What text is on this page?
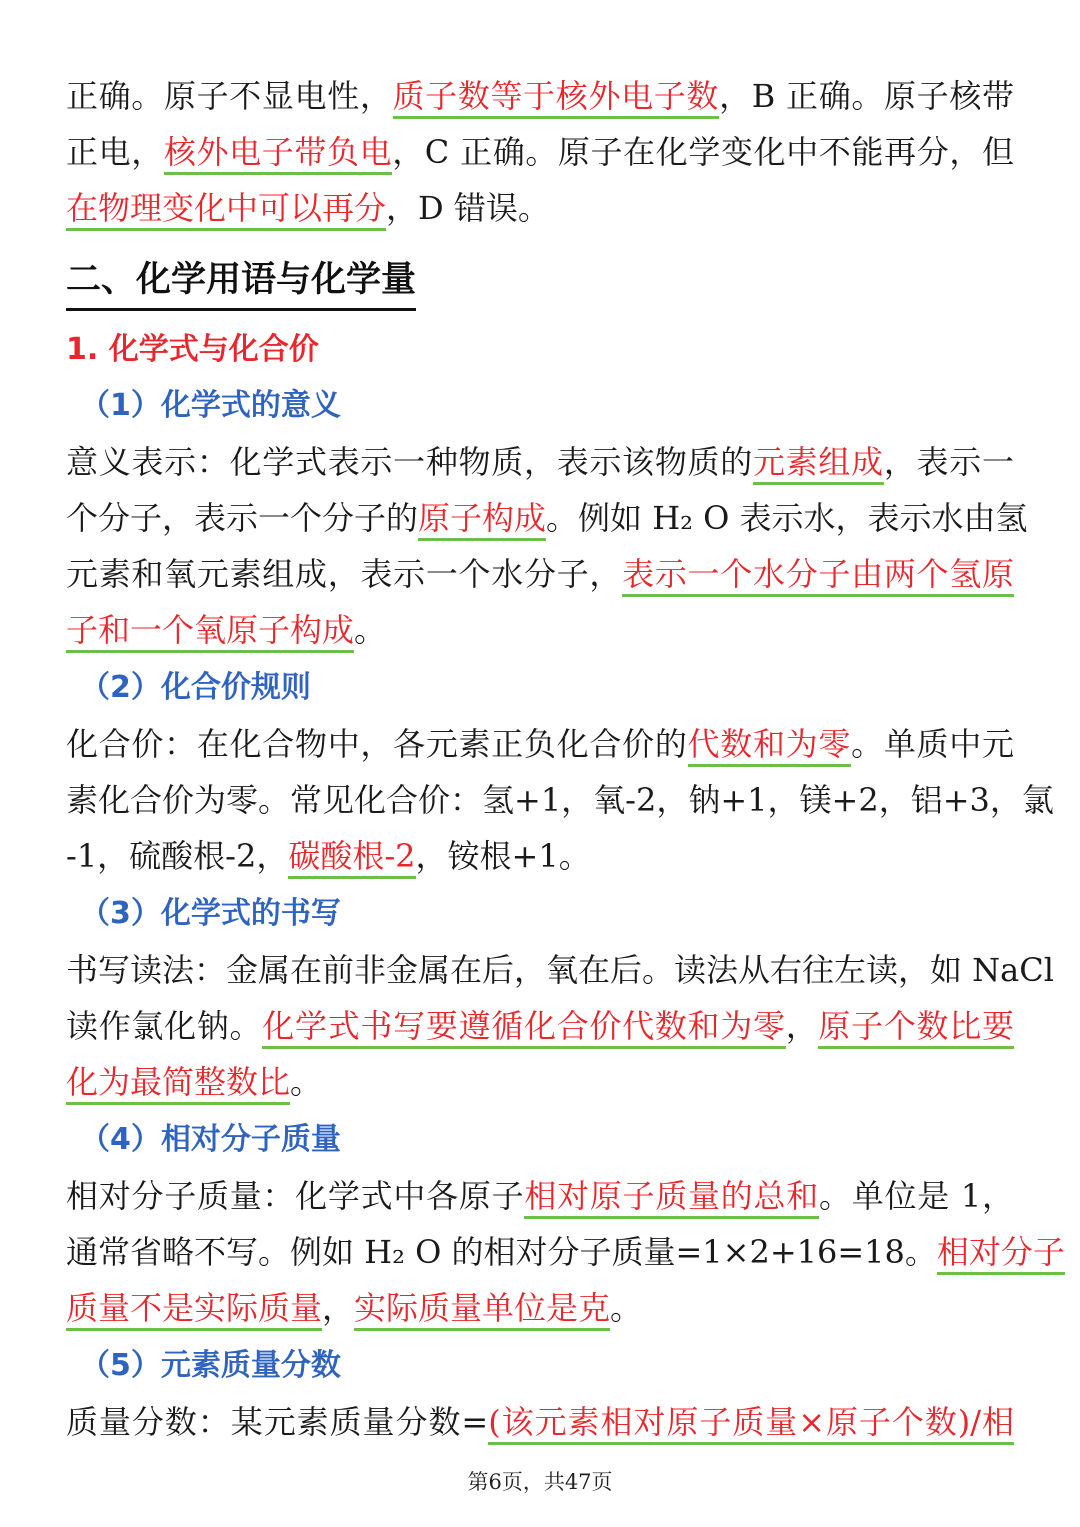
正确。原子不显电性，质子数等于核外电子数，B 正确。原子核带
正电，核外电子带负电，C 正确。原子在化学变化中不能再分，但
在物理变化中可以再分，D 错误。
二、化学用语与化学量
1. 化学式与化合价
（1）化学式的意义
意义表示：化学式表示一种物质，表示该物质的元素组成，表示一
个分子，表示一个分子的原子构成。例如 H₂ O 表示水，表示水由氢
元素和氧元素组成，表示一个水分子，表示一个水分子由两个氢原
子和一个氧原子构成。
（2）化合价规则
化合价：在化合物中，各元素正负化合价的代数和为零。单质中元
素化合价为零。常见化合价：氢+1，氧-2，钠+1，镁+2，铝+3，氯
-1，硫酸根-2，碳酸根-2，铵根+1。
（3）化学式的书写
书写读法：金属在前非金属在后，氧在后。读法从右往左读，如 NaCl
读作氯化钠。化学式书写要遵循化合价代数和为零，原子个数比要
化为最简整数比。
（4）相对分子质量
相对分子质量：化学式中各原子相对原子质量的总和。单位是 1，
通常省略不写。例如 H₂ O 的相对分子质量=1×2+16=18。相对分子
质量不是实际质量，实际质量单位是克。
（5）元素质量分数
质量分数：某元素质量分数=(该元素相对原子质量×原子个数)/相
第6页，共47页
